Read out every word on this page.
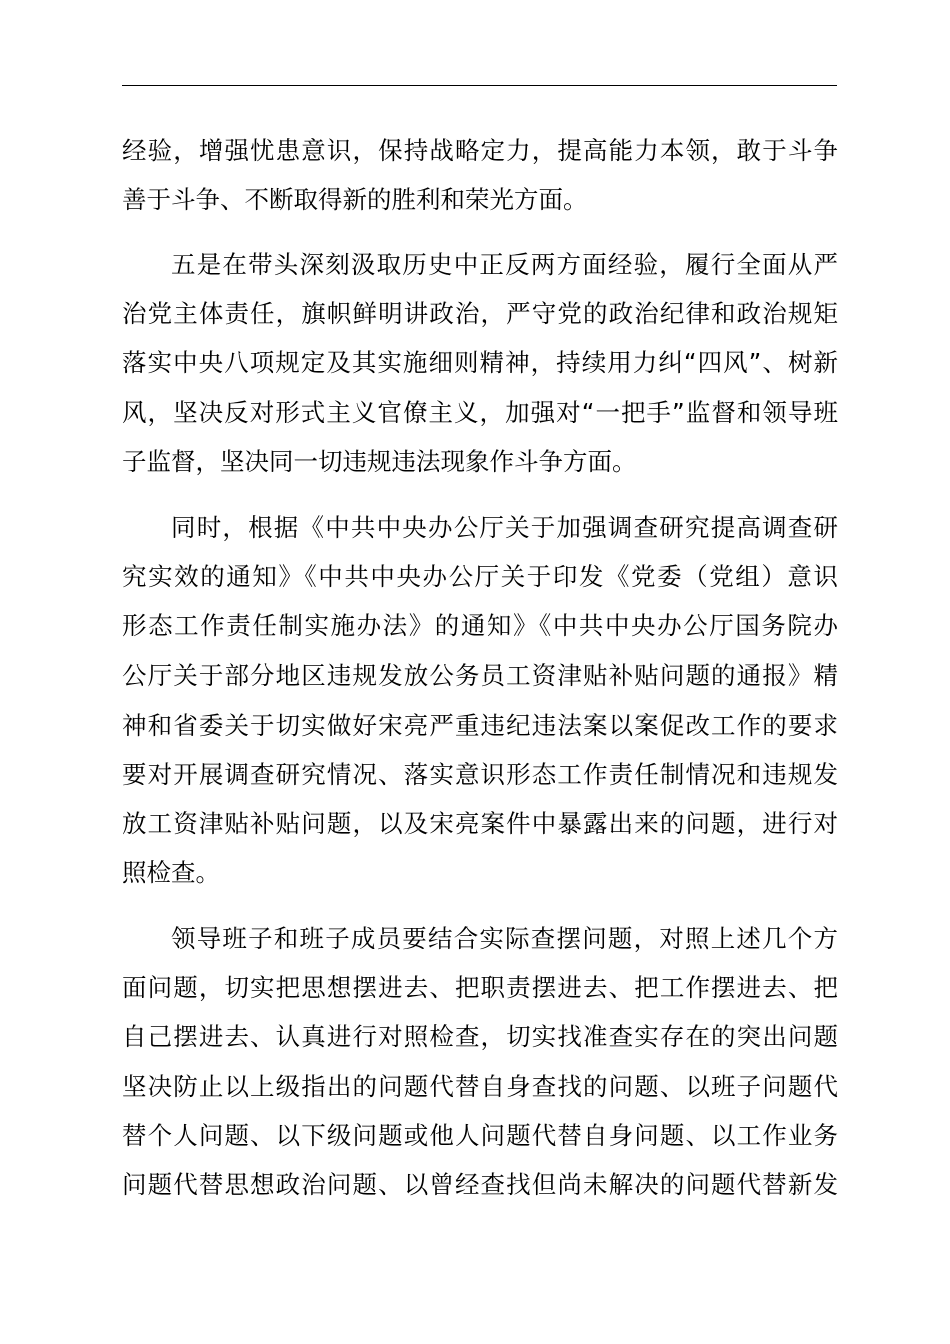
经验，增强忧患意识，保持战略定力，提高能力本领，敢于斗争
善于斗争、不断取得新的胜利和荣光方面。
五是在带头深刻汲取历史中正反两方面经验，履行全面从严
治党主体责任，旗帜鲜明讲政治，严守党的政治纪律和政治规矩
落实中央八项规定及其实施细则精神，持续用力纠“四风”、树新
风，坚决反对形式主义官僚主义，加强对“一把手”监督和领导班
子监督，坚决同一切违规违法现象作斗争方面。
同时，根据《中共中央办公厅关于加强调查研究提高调查研
究实效的通知》《中共中央办公厅关于印发《党委（党组）意识
形态工作责任制实施办法》的通知》《中共中央办公厅国务院办
公厅关于部分地区违规发放公务员工资津贴补贴问题的通报》精
神和省委关于切实做好宋亮严重违纪违法案以案促改工作的要求
要对开展调查研究情况、落实意识形态工作责任制情况和违规发
放工资津贴补贴问题，以及宋亮案件中暴露出来的问题，进行对
照检查。
领导班子和班子成员要结合实际查摆问题，对照上述几个方
面问题，切实把思想摆进去、把职责摆进去、把工作摆进去、把
自己摆进去、认真进行对照检查，切实找准查实存在的突出问题
坚决防止以上级指出的问题代替自身查找的问题、以班子问题代
替个人问题、以下级问题或他人问题代替自身问题、以工作业务
问题代替思想政治问题、以曾经查找但尚未解决的问题代替新发
